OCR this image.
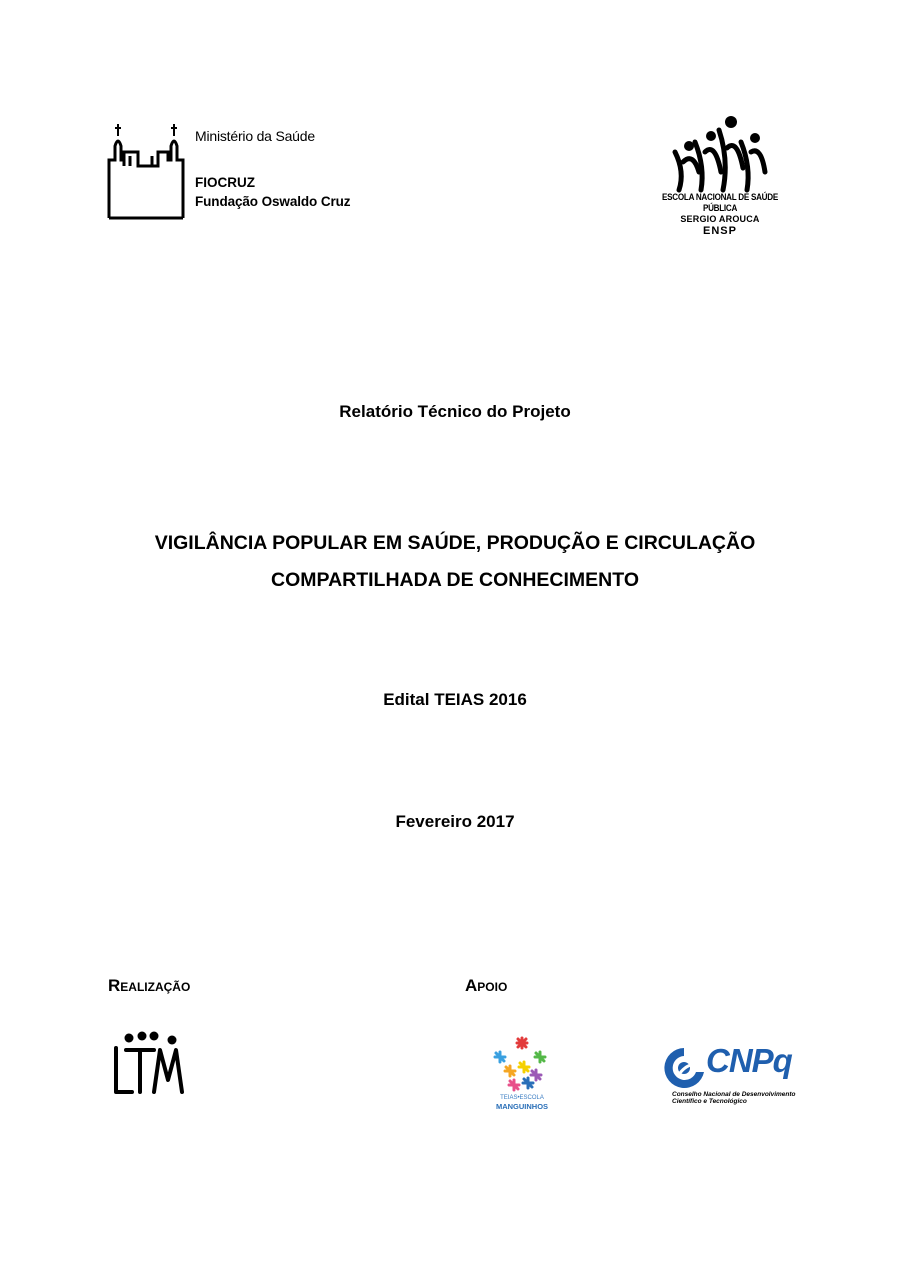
Ministério da Saúde
FIOCRUZ
Fundação Oswaldo Cruz	ESCOLA NACIONAL DE SAÚDE PÚBLICA
SERGIO AROUCA
ENSP
Relatório Técnico do Projeto
VIGILÂNCIA POPULAR EM SAÚDE, PRODUÇÃO E CIRCULAÇÃO
COMPARTILHADA DE CONHECIMENTO
Edital TEIAS 2016
Fevereiro 2017
Realização	Apoio
TEIAS•ESCOLA
MANGUINHOS
CNPq
Conselho Nacional de Desenvolvimento
Científico e Tecnológico
